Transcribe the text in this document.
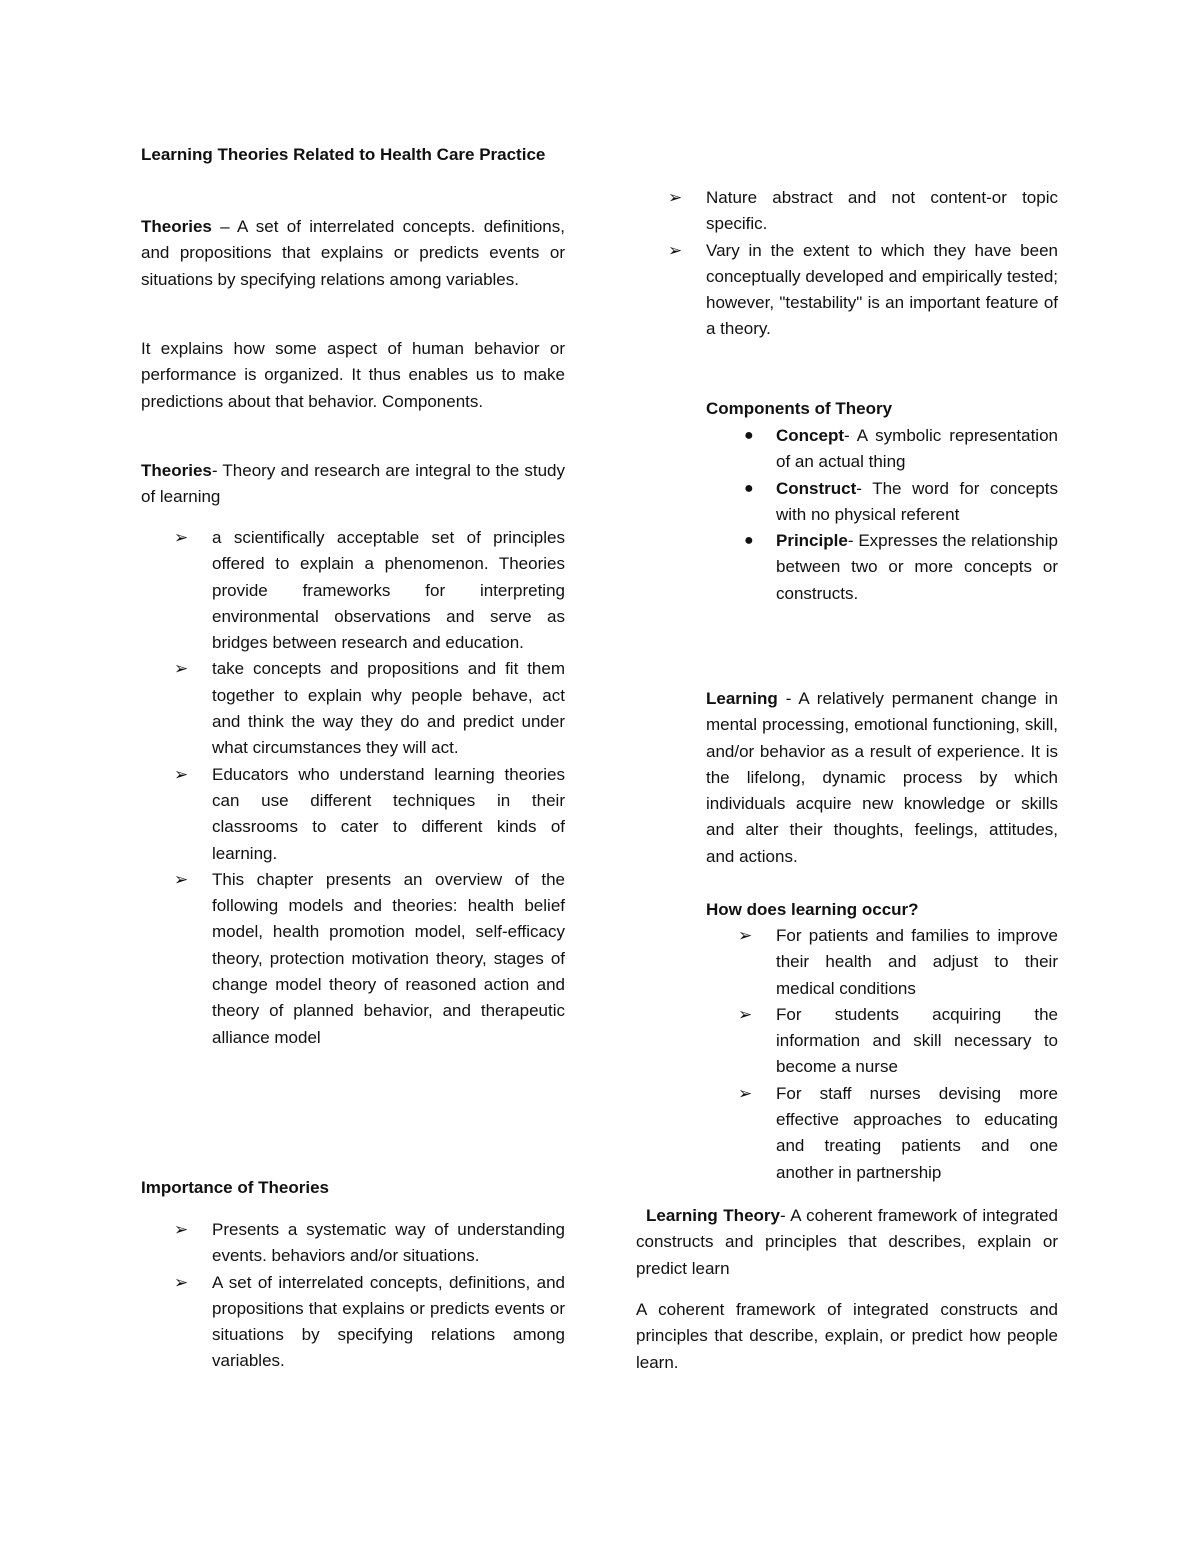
Learning Theories Related to Health Care Practice

Theories – A set of interrelated concepts. definitions, and propositions that explains or predicts events or situations by specifying relations among variables.

It explains how some aspect of human behavior or performance is organized. It thus enables us to make predictions about that behavior. Components.

Theories- Theory and research are integral to the study of learning

➢ a scientifically acceptable set of principles offered to explain a phenomenon. Theories provide frameworks for interpreting environmental observations and serve as bridges between research and education.
➢ take concepts and propositions and fit them together to explain why people behave, act and think the way they do and predict under what circumstances they will act.
➢ Educators who understand learning theories can use different techniques in their classrooms to cater to different kinds of learning.
➢ This chapter presents an overview of the following models and theories: health belief model, health promotion model, self-efficacy theory, protection motivation theory, stages of change model theory of reasoned action and theory of planned behavior, and therapeutic alliance model

Importance of Theories

➢ Presents a systematic way of understanding events. behaviors and/or situations.
➢ A set of interrelated concepts, definitions, and propositions that explains or predicts events or situations by specifying relations among variables.
➢ Nature abstract and not content-or topic specific.
➢ Vary in the extent to which they have been conceptually developed and empirically tested; however, "testability" is an important feature of a theory.

Components of Theory

● Concept- A symbolic representation of an actual thing
● Construct- The word for concepts with no physical referent
● Principle- Expresses the relationship between two or more concepts or constructs.

Learning - A relatively permanent change in mental processing, emotional functioning, skill, and/or behavior as a result of experience. It is the lifelong, dynamic process by which individuals acquire new knowledge or skills and alter their thoughts, feelings, attitudes, and actions.

How does learning occur?

➢ For patients and families to improve their health and adjust to their medical conditions
➢ For students acquiring the information and skill necessary to become a nurse
➢ For staff nurses devising more effective approaches to educating and treating patients and one another in partnership

Learning Theory- A coherent framework of integrated constructs and principles that describes, explain or predict learn

A coherent framework of integrated constructs and principles that describe, explain, or predict how people learn.
